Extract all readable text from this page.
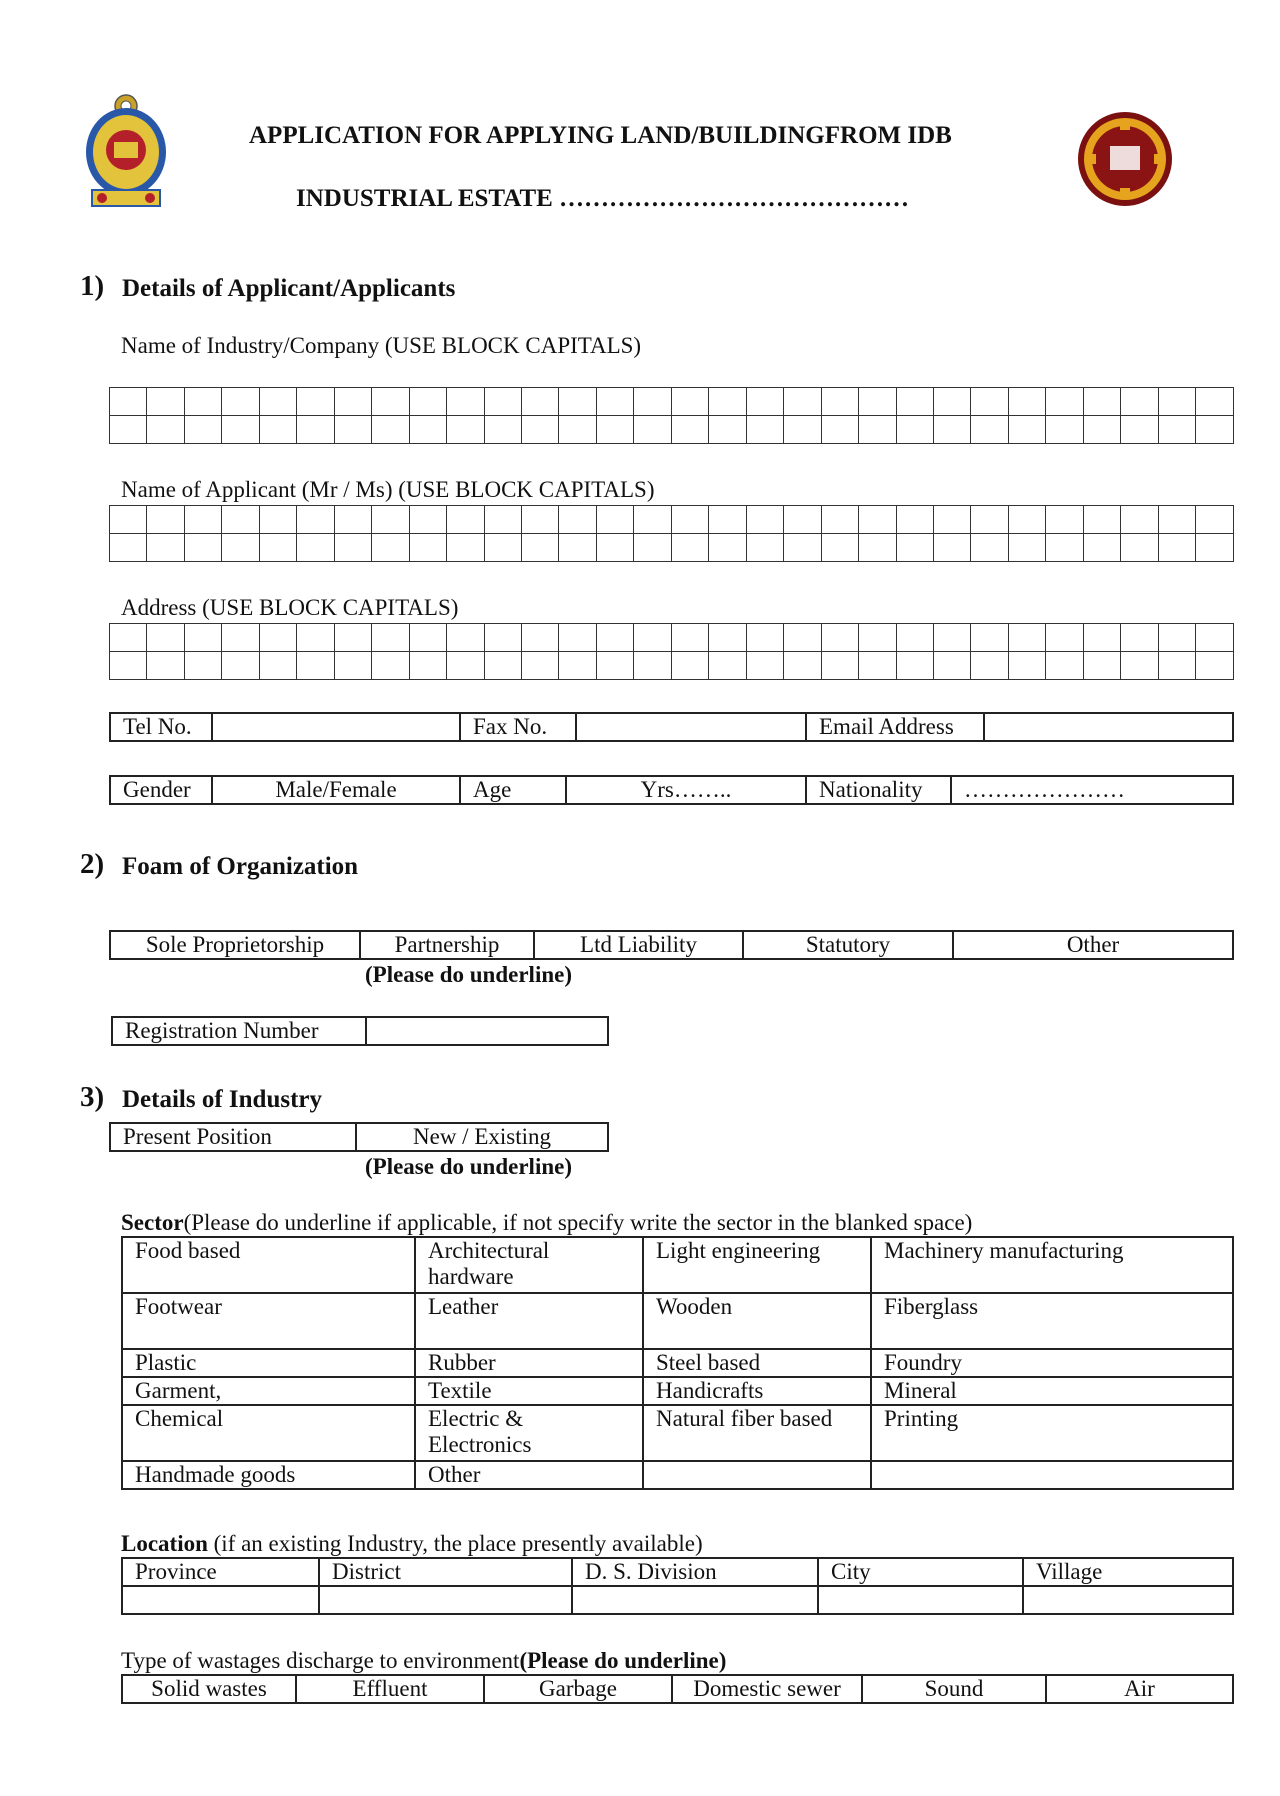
APPLICATION FOR APPLYING LAND/BUILDINGFROM IDB
INDUSTRIAL ESTATE ……………………………………
1) Details of Applicant/Applicants
Name of Industry/Company (USE BLOCK CAPITALS)

Name of Applicant (Mr / Ms) (USE BLOCK CAPITALS)

Address (USE BLOCK CAPITALS)

Tel No.		Fax No.		Email Address	
Gender	Male/Female	Age	Yrs……..	Nationality	…………………
2) Foam of Organization
Sole Proprietorship	Partnership	Ltd Liability	Statutory	Other
(Please do underline)
Registration Number	
3) Details of Industry
Present Position	New / Existing
(Please do underline)
Sector(Please do underline if applicable, if not specify write the sector in the blanked space)
Food based	Architectural hardware	Light engineering	Machinery manufacturing
Footwear	Leather	Wooden	Fiberglass
Plastic	Rubber	Steel based	Foundry
Garment,	Textile	Handicrafts	Mineral
Chemical	Electric & Electronics	Natural fiber based	Printing
Handmade goods	Other		
Location (if an existing Industry, the place presently available)
Province	District	D. S. Division	City	Village

Type of wastages discharge to environment(Please do underline)
Solid wastes	Effluent	Garbage	Domestic sewer	Sound	Air
